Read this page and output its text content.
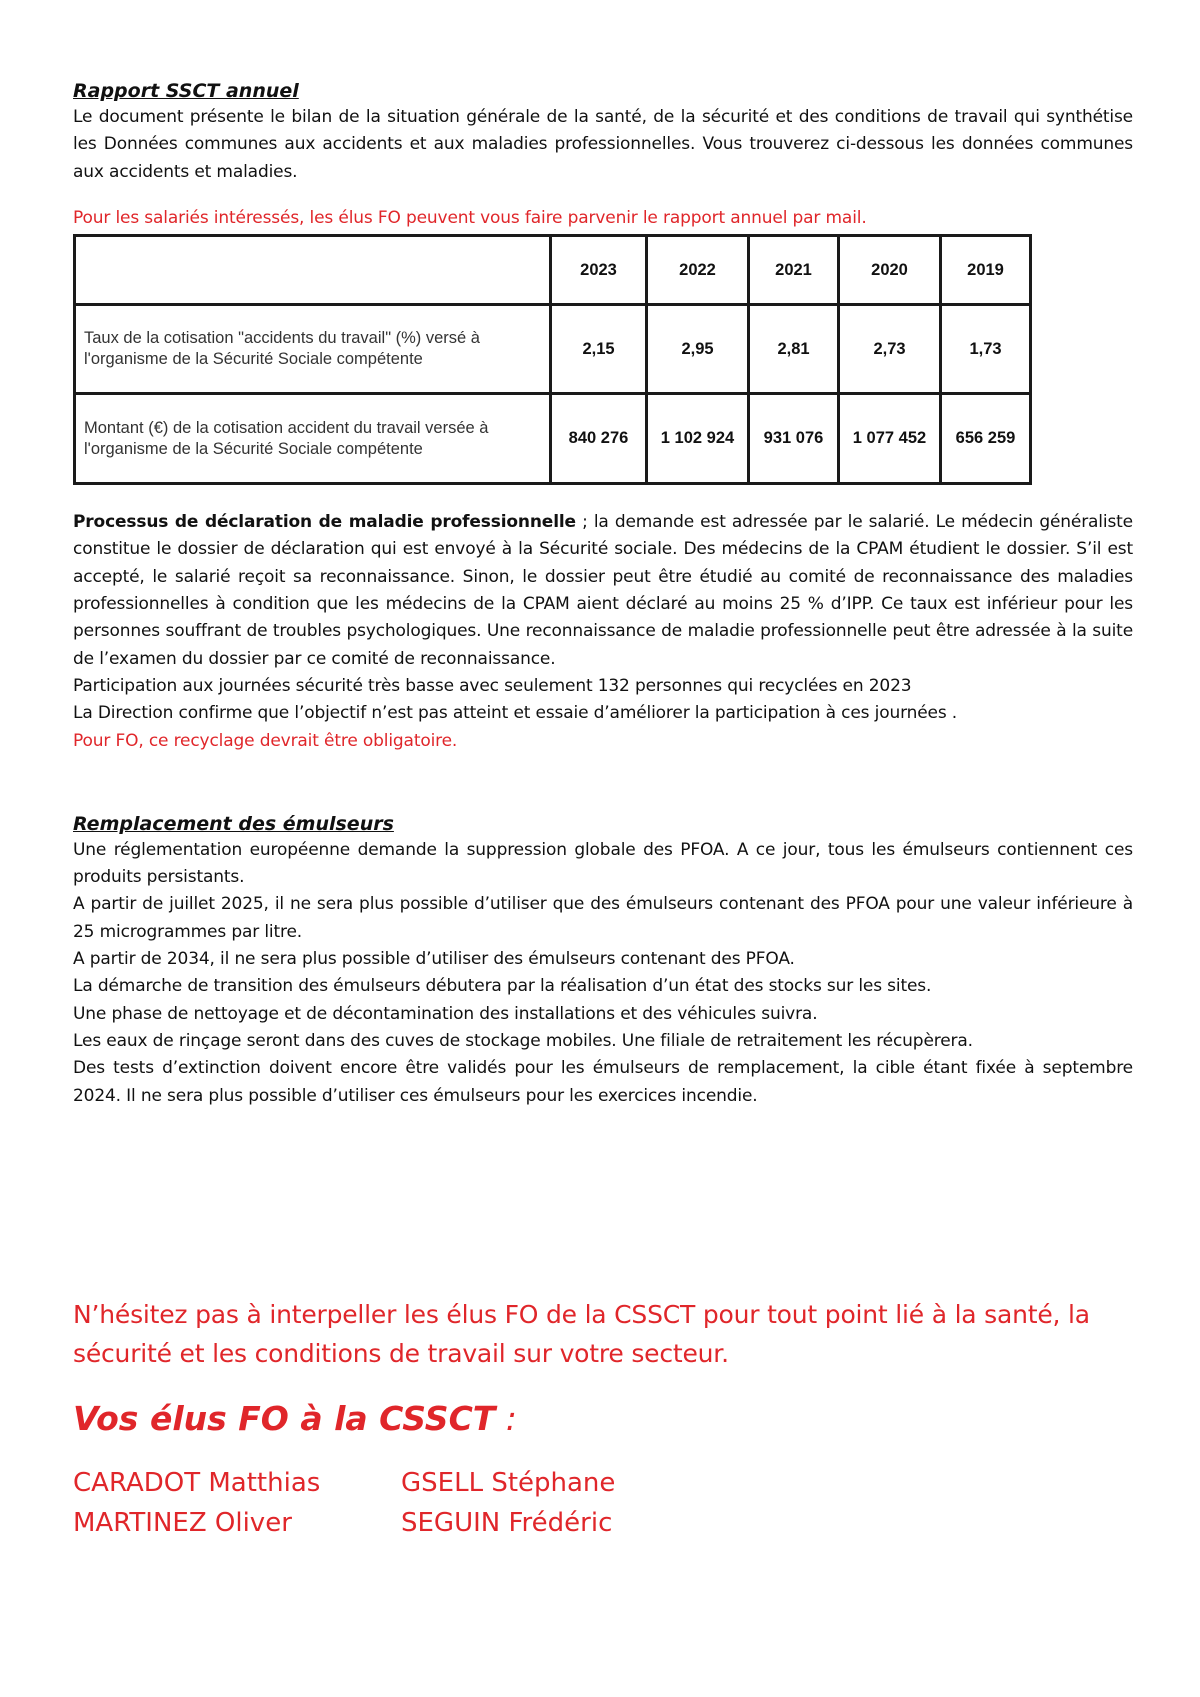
Rapport SSCT annuel

Le document présente le bilan de la situation générale de la santé, de la sécurité et des conditions de travail qui synthétise les Données communes aux accidents et aux maladies professionnelles. Vous trouverez ci-dessous les données communes aux accidents et maladies.

Pour les salariés intéressés, les élus FO peuvent vous faire parvenir le rapport annuel par mail.

	2023	2022	2021	2020	2019
Taux de la cotisation "accidents du travail" (%) versé à l'organisme de la Sécurité Sociale compétente	2,15	2,95	2,81	2,73	1,73
Montant (€) de la cotisation accident du travail versée à l'organisme de la Sécurité Sociale compétente	840 276	1 102 924	931 076	1 077 452	656 259

Processus de déclaration de maladie professionnelle ; la demande est adressée par le salarié. Le médecin généraliste constitue le dossier de déclaration qui est envoyé à la Sécurité sociale. Des médecins de la CPAM étudient le dossier. S’il est accepté, le salarié reçoit sa reconnaissance. Sinon, le dossier peut être étudié au comité de reconnaissance des maladies professionnelles à condition que les médecins de la CPAM aient déclaré au moins 25 % d’IPP. Ce taux est inférieur pour les personnes souffrant de troubles psychologiques. Une reconnaissance de maladie professionnelle peut être adressée à la suite de l’examen du dossier par ce comité de reconnaissance.

Participation aux journées sécurité très basse avec seulement 132 personnes qui recyclées en 2023

La Direction confirme que l’objectif n’est pas atteint et essaie d’améliorer la participation à ces journées .

Pour FO, ce recyclage devrait être obligatoire.

Remplacement des émulseurs

Une réglementation européenne demande la suppression globale des PFOA. A ce jour, tous les émulseurs contiennent ces produits persistants.

A partir de juillet 2025, il ne sera plus possible d’utiliser que des émulseurs contenant des PFOA pour une valeur inférieure à 25 microgrammes par litre.

A partir de 2034, il ne sera plus possible d’utiliser des émulseurs contenant des PFOA.

La démarche de transition des émulseurs débutera par la réalisation d’un état des stocks sur les sites.

Une phase de nettoyage et de décontamination des installations et des véhicules suivra.

Les eaux de rinçage seront dans des cuves de stockage mobiles. Une filiale de retraitement les récupèrera.

Des tests d’extinction doivent encore être validés pour les émulseurs de remplacement, la cible étant fixée à septembre 2024. Il ne sera plus possible d’utiliser ces émulseurs pour les exercices incendie.

N’hésitez pas à interpeller les élus FO de la CSSCT pour tout point lié à la santé, la sécurité et les conditions de travail sur votre secteur.

Vos élus FO à la CSSCT :

CARADOT Matthias	GSELL Stéphane
MARTINEZ Oliver	SEGUIN Frédéric
